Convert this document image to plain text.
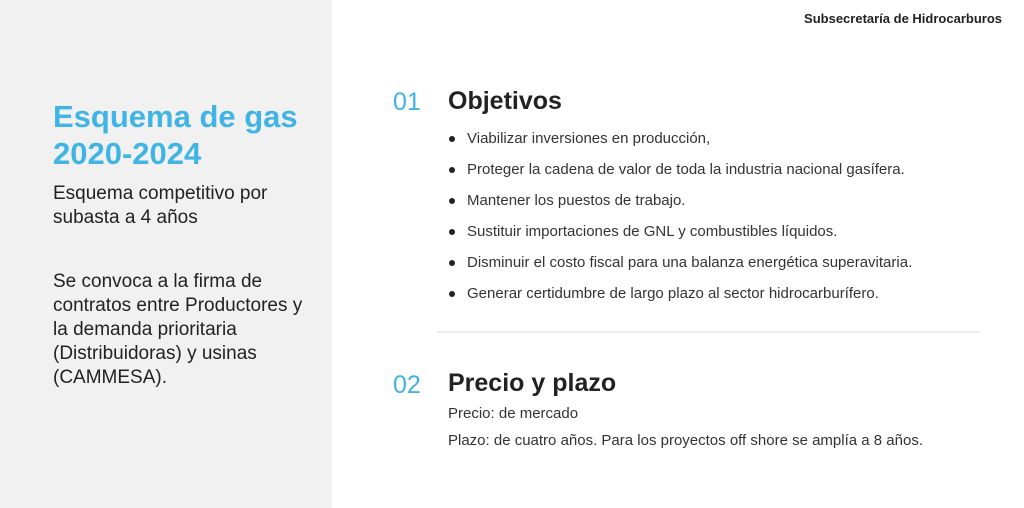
Esquema de gas
2020-2024

Esquema competitivo por subasta a 4 años

Se convoca a la firma de contratos entre Productores y la demanda prioritaria (Distribuidoras) y usinas (CAMMESA).

Subsecretaría de Hidrocarburos
01 Objetivos
Viabilizar inversiones en producción,
Proteger la cadena de valor de toda la industria nacional gasífera.
Mantener los puestos de trabajo.
Sustituir importaciones de GNL y combustibles líquidos.
Disminuir el costo fiscal para una balanza energética superavitaria.
Generar certidumbre de largo plazo al sector hidrocarburífero.
02 Precio y plazo

Precio: de mercado

Plazo: de cuatro años. Para los proyectos off shore se amplía a 8 años.
